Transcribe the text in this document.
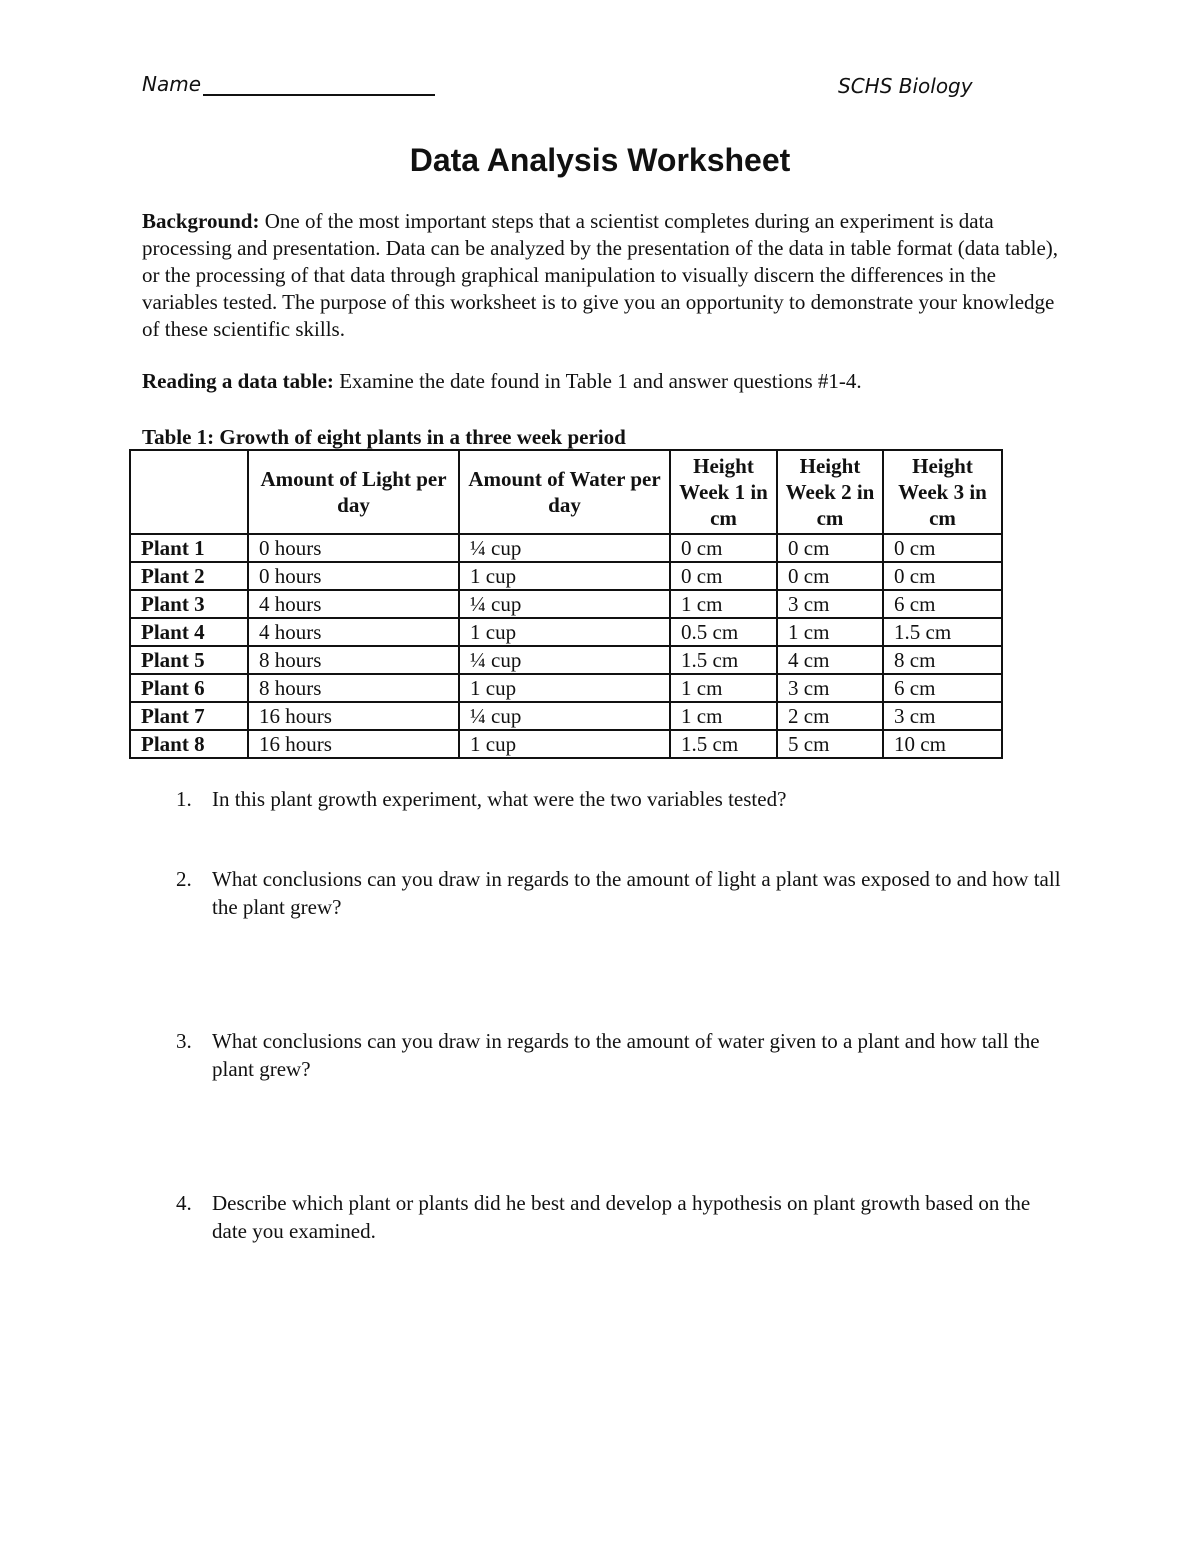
Name	SCHS Biology
Data Analysis Worksheet

Background: One of the most important steps that a scientist completes during an experiment is data processing and presentation. Data can be analyzed by the presentation of the data in table format (data table), or the processing of that data through graphical manipulation to visually discern the differences in the variables tested. The purpose of this worksheet is to give you an opportunity to demonstrate your knowledge of these scientific skills.

Reading a data table: Examine the date found in Table 1 and answer questions #1-4.

Table 1: Growth of eight plants in a three week period
	Amount of Light per day	Amount of Water per day	Height Week 1 in cm	Height Week 2 in cm	Height Week 3 in cm
Plant 1	0 hours	¼ cup	0 cm	0 cm	0 cm
Plant 2	0 hours	1 cup	0 cm	0 cm	0 cm
Plant 3	4 hours	¼ cup	1 cm	3 cm	6 cm
Plant 4	4 hours	1 cup	0.5 cm	1 cm	1.5 cm
Plant 5	8 hours	¼ cup	1.5 cm	4 cm	8 cm
Plant 6	8 hours	1 cup	1 cm	3 cm	6 cm
Plant 7	16 hours	¼ cup	1 cm	2 cm	3 cm
Plant 8	16 hours	1 cup	1.5 cm	5 cm	10 cm
1. In this plant growth experiment, what were the two variables tested?
2. What conclusions can you draw in regards to the amount of light a plant was exposed to and how tall the plant grew?
3. What conclusions can you draw in regards to the amount of water given to a plant and how tall the plant grew?
4. Describe which plant or plants did he best and develop a hypothesis on plant growth based on the date you examined.
